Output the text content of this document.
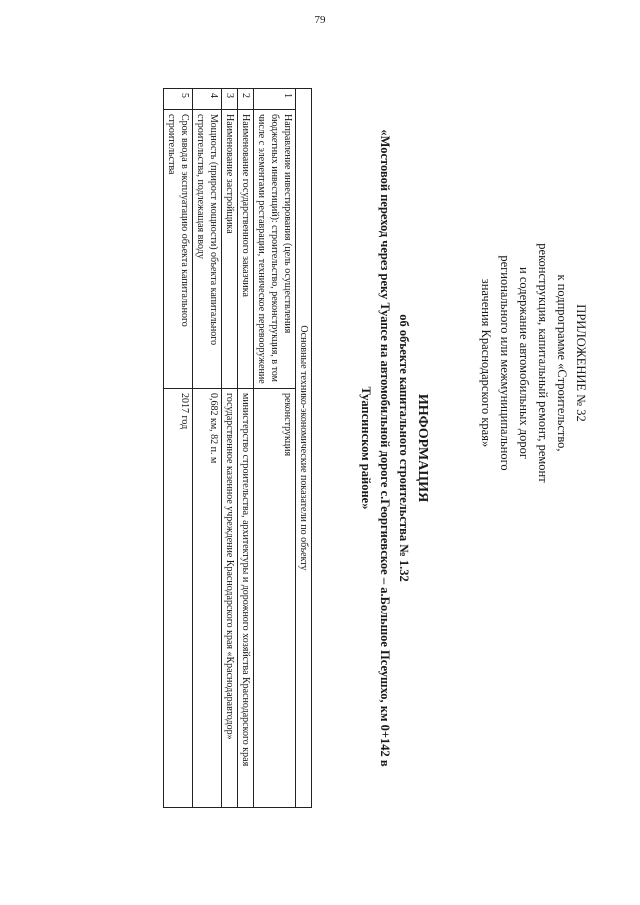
79
ПРИЛОЖЕНИЕ № 32
к подпрограмме «Строительство,
реконструкция, капитальный ремонт, ремонт
и содержание автомобильных дорог
регионального или межмуниципального
значения Краснодарского края»
ИНФОРМАЦИЯ
об объекте капитального строительства № 1.32
«Мостовой переход через реку Туапсе на автомобильной дороге с.Георгиевское – а.Большое Псеушхо, км 0+142 в
Туапсинском районе»
Основные технико-экономические показатели по объекту		
1	Направление инвестирования (цель осуществления бюджетных инвестиций): строительство, реконструкция, в том числе с элементами реставрации, техническое перевооружение	реконструкция
2	Наименование государственного заказчика	министерство строительства, архитектуры и дорожного хозяйства Краснодарского края
3	Наименование застройщика	государственное казенное учреждение Краснодарского края «Краснодаравтодор»
4	Мощность (прирост мощности) объекта капитального строительства, подлежащая вводу	0,682 км, 82 п. м
5	Срок ввода в эксплуатацию объекта капитального строительства	2017 год
